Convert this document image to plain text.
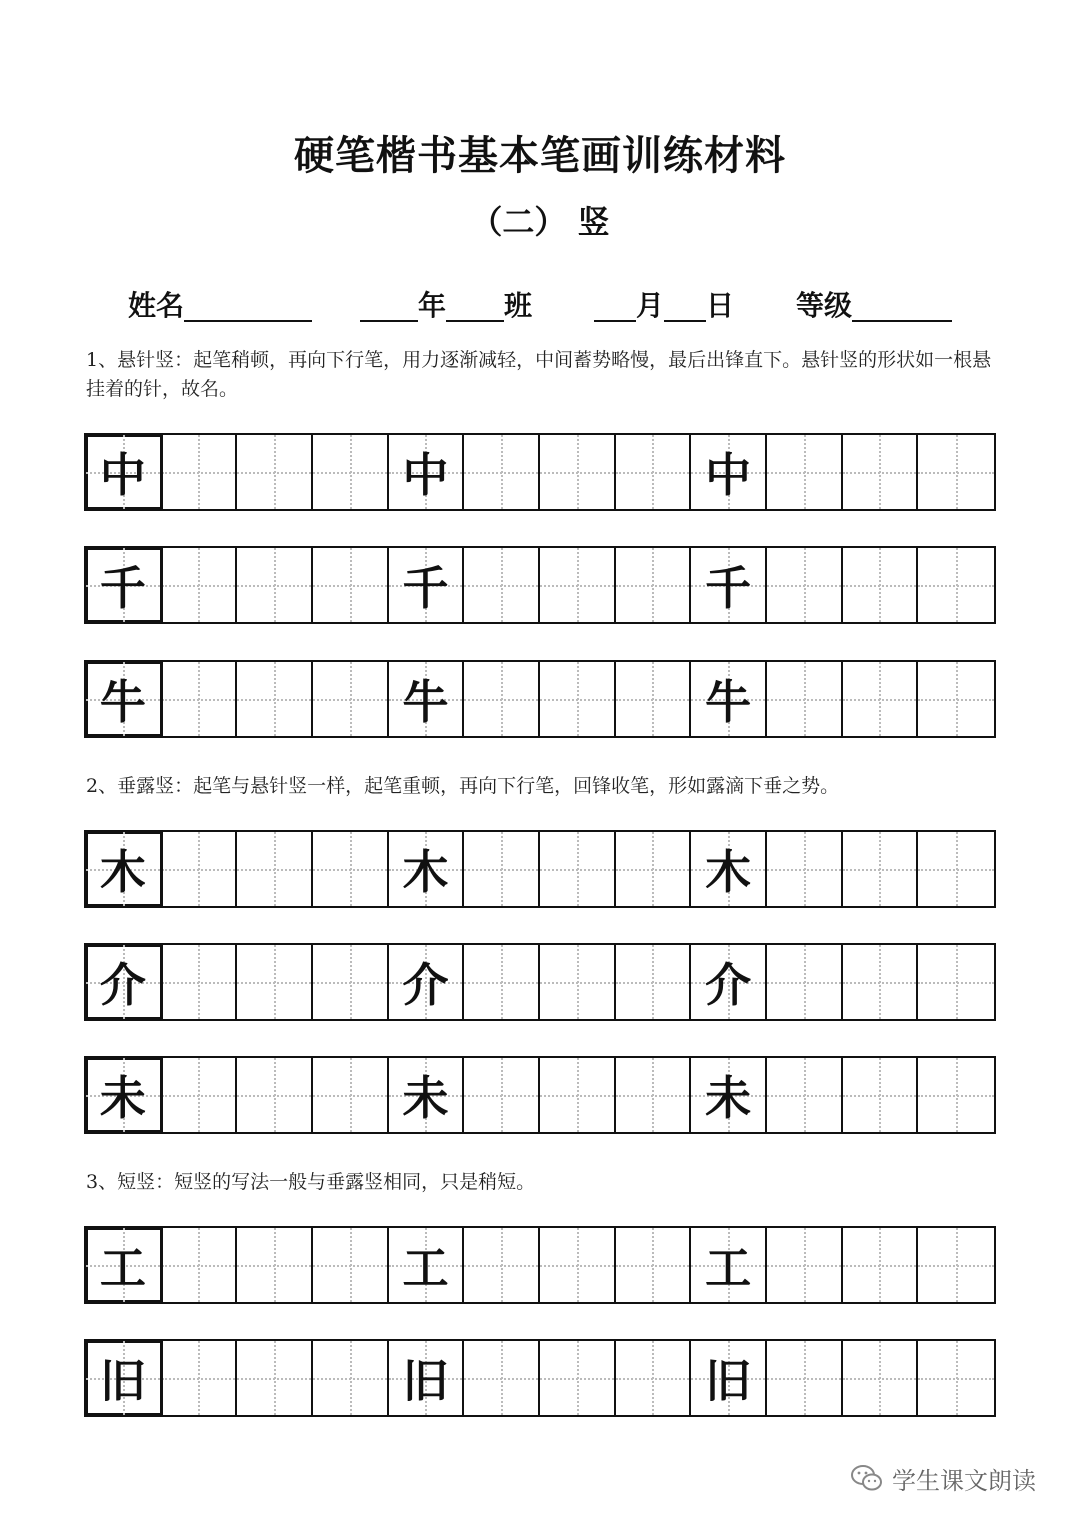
硬笔楷书基本笔画训练材料
（二） 竖
姓名	年 班	月 日 等级
1、悬针竖：起笔稍顿，再向下行笔，用力逐渐减轻，中间蓄势略慢，最后出锋直下。悬针竖的形状如一根悬挂着的针，故名。
中	中	中
千	千	千
牛	牛	牛
2、垂露竖：起笔与悬针竖一样，起笔重顿，再向下行笔，回锋收笔，形如露滴下垂之势。
木	木	木
介	介	介
未	未	未
3、短竖：短竖的写法一般与垂露竖相同，只是稍短。
工	工	工
旧	旧	旧
学生课文朗读
